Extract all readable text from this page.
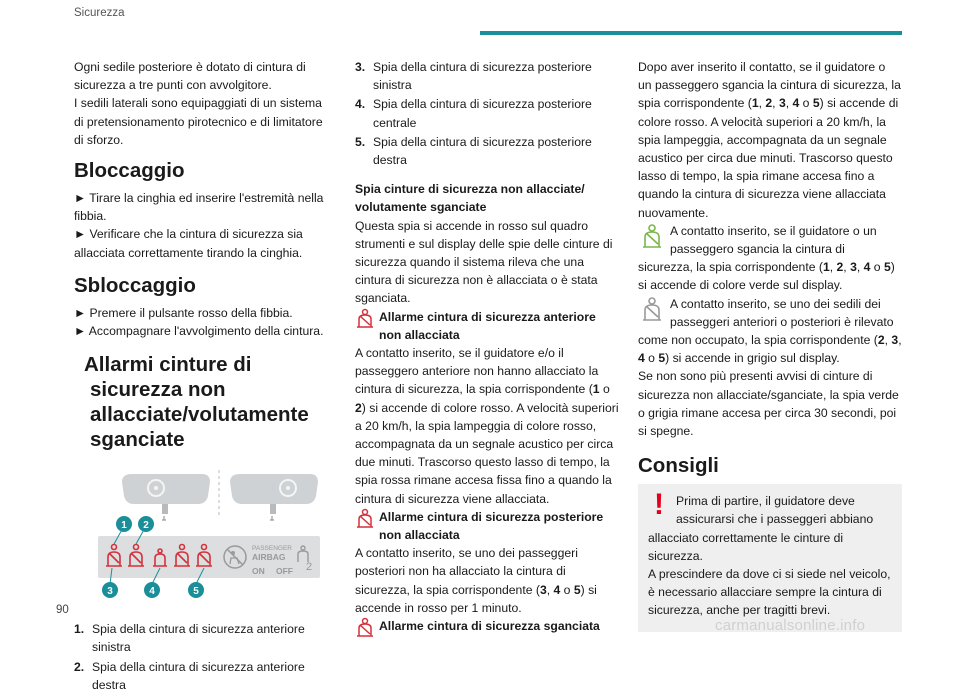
Sicurezza

Ogni sedile posteriore è dotato di cintura di sicurezza a tre punti con avvolgitore.

I sedili laterali sono equipaggiati di un sistema di pretensionamento pirotecnico e di limitatore di sforzo.

Bloccaggio

► Tirare la cinghia ed inserire l'estremità nella fibbia.

► Verificare che la cintura di sicurezza sia allacciata correttamente tirando la cinghia.

Sbloccaggio

► Premere il pulsante rosso della fibbia.

► Accompagnare l'avvolgimento della cintura.

Allarmi cinture di sicurezza non allacciate/volutamente sganciate
PASSENGER
AIRBAG
ON OFF 2
1 2
3	4	5
1. Spia della cintura di sicurezza anteriore sinistra
2. Spia della cintura di sicurezza anteriore destra
3. Spia della cintura di sicurezza posteriore sinistra
4. Spia della cintura di sicurezza posteriore centrale
5. Spia della cintura di sicurezza posteriore destra

Spia cinture di sicurezza non allacciate/ volutamente sganciate

Questa spia si accende in rosso sul quadro strumenti e sul display delle spie delle cinture di sicurezza quando il sistema rileva che una cintura di sicurezza non è allacciata o è stata sganciata.

Allarme cintura di sicurezza anteriore non allacciata

A contatto inserito, se il guidatore e/o il passeggero anteriore non hanno allacciato la cintura di sicurezza, la spia corrispondente (1 o 2) si accende di colore rosso. A velocità superiori a 20 km/h, la spia lampeggia di colore rosso, accompagnata da un segnale acustico per circa due minuti. Trascorso questo lasso di tempo, la spia rossa rimane accesa fissa fino a quando la cintura di sicurezza viene allacciata.

Allarme cintura di sicurezza posteriore non allacciata

A contatto inserito, se uno dei passeggeri posteriori non ha allacciato la cintura di sicurezza, la spia corrispondente (3, 4 o 5) si accende in rosso per 1 minuto.

Allarme cintura di sicurezza sganciata

Dopo aver inserito il contatto, se il guidatore o un passeggero sgancia la cintura di sicurezza, la spia corrispondente (1, 2, 3, 4 o 5) si accende di colore rosso. A velocità superiori a 20 km/h, la spia lampeggia, accompagnata da un segnale acustico per circa due minuti. Trascorso questo lasso di tempo, la spia rimane accesa fino a quando la cintura di sicurezza viene allacciata nuovamente.

A contatto inserito, se il guidatore o un passeggero sgancia la cintura di sicurezza, la spia corrispondente (1, 2, 3, 4 o 5) si accende di colore verde sul display.

A contatto inserito, se uno dei sedili dei passeggeri anteriori o posteriori è rilevato come non occupato, la spia corrispondente (2, 3,
4 o 5) si accende in grigio sul display.

Se non sono più presenti avvisi di cinture di sicurezza non allacciate/sganciate, la spia verde o grigia rimane accesa per circa 30 secondi, poi si spegne.

Consigli
! Prima di partire, il guidatore deve assicurarsi che i passeggeri abbiano allacciato correttamente le cinture di sicurezza.

A prescindere da dove ci si siede nel veicolo, è necessario allacciare sempre la cintura di sicurezza, anche per tragitti brevi.

90
carmanualsonline.info
